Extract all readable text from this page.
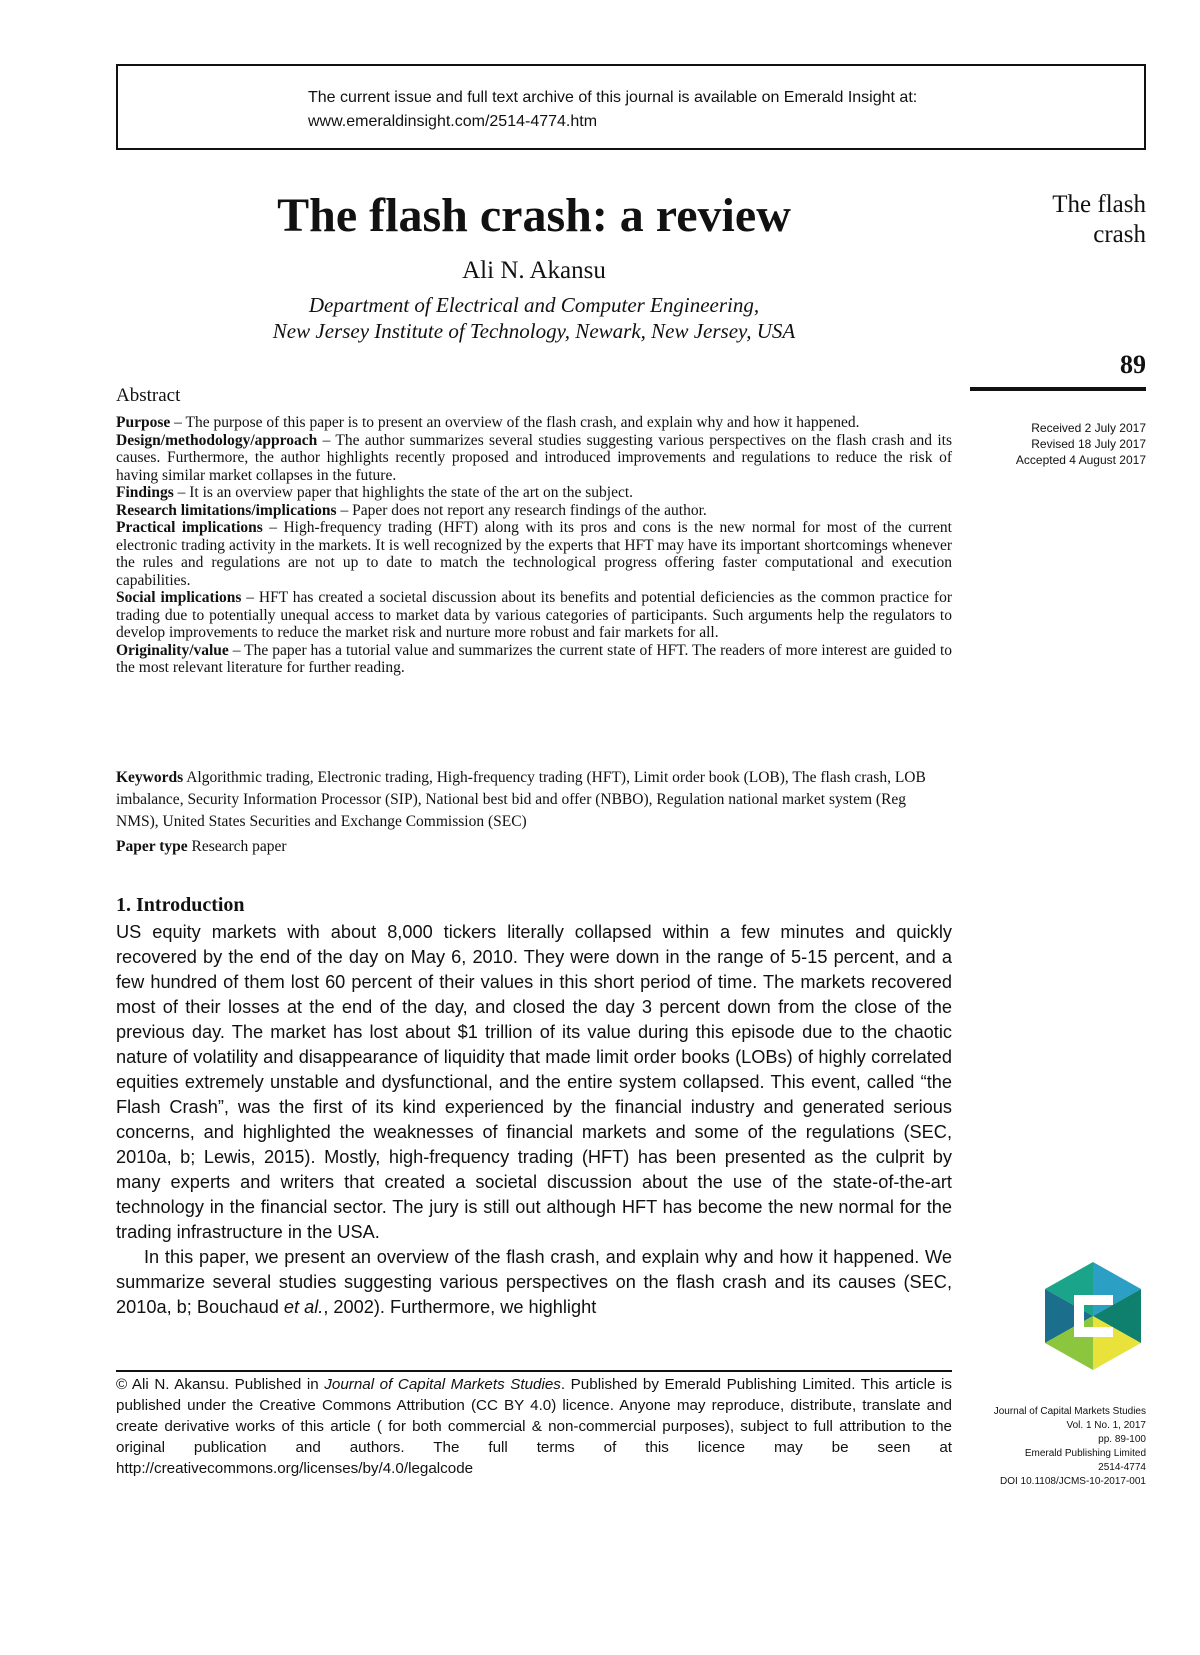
The current issue and full text archive of this journal is available on Emerald Insight at:
www.emeraldinsight.com/2514-4774.htm
The flash crash: a review
Ali N. Akansu
Department of Electrical and Computer Engineering,
New Jersey Institute of Technology, Newark, New Jersey, USA
The flash
crash
89
Received 2 July 2017
Revised 18 July 2017
Accepted 4 August 2017
Abstract

Purpose – The purpose of this paper is to present an overview of the flash crash, and explain why and how it happened.

Design/methodology/approach – The author summarizes several studies suggesting various perspectives on the flash crash and its causes. Furthermore, the author highlights recently proposed and introduced improvements and regulations to reduce the risk of having similar market collapses in the future.

Findings – It is an overview paper that highlights the state of the art on the subject.

Research limitations/implications – Paper does not report any research findings of the author.

Practical implications – High-frequency trading (HFT) along with its pros and cons is the new normal for most of the current electronic trading activity in the markets. It is well recognized by the experts that HFT may have its important shortcomings whenever the rules and regulations are not up to date to match the technological progress offering faster computational and execution capabilities.

Social implications – HFT has created a societal discussion about its benefits and potential deficiencies as the common practice for trading due to potentially unequal access to market data by various categories of participants. Such arguments help the regulators to develop improvements to reduce the market risk and nurture more robust and fair markets for all.

Originality/value – The paper has a tutorial value and summarizes the current state of HFT. The readers of more interest are guided to the most relevant literature for further reading.

Keywords Algorithmic trading, Electronic trading, High-frequency trading (HFT), Limit order book (LOB), The flash crash, LOB imbalance, Security Information Processor (SIP), National best bid and offer (NBBO), Regulation national market system (Reg NMS), United States Securities and Exchange Commission (SEC)
Paper type Research paper
1. Introduction

US equity markets with about 8,000 tickers literally collapsed within a few minutes and quickly recovered by the end of the day on May 6, 2010. They were down in the range of 5-15 percent, and a few hundred of them lost 60 percent of their values in this short period of time. The markets recovered most of their losses at the end of the day, and closed the day 3 percent down from the close of the previous day. The market has lost about $1 trillion of its value during this episode due to the chaotic nature of volatility and disappearance of liquidity that made limit order books (LOBs) of highly correlated equities extremely unstable and dysfunctional, and the entire system collapsed. This event, called “the Flash Crash”, was the first of its kind experienced by the financial industry and generated serious concerns, and highlighted the weaknesses of financial markets and some of the regulations (SEC, 2010a, b; Lewis, 2015). Mostly, high-frequency trading (HFT) has been presented as the culprit by many experts and writers that created a societal discussion about the use of the state-of-the-art technology in the financial sector. The jury is still out although HFT has become the new normal for the trading infrastructure in the USA.

In this paper, we present an overview of the flash crash, and explain why and how it happened. We summarize several studies suggesting various perspectives on the flash crash and its causes (SEC, 2010a, b; Bouchaud et al., 2002). Furthermore, we highlight

© Ali N. Akansu. Published in Journal of Capital Markets Studies. Published by Emerald Publishing Limited. This article is published under the Creative Commons Attribution (CC BY 4.0) licence. Anyone may reproduce, distribute, translate and create derivative works of this article ( for both commercial & non-commercial purposes), subject to full attribution to the original publication and authors. The full terms of this licence may be seen at http://creativecommons.org/licenses/by/4.0/legalcode
Journal of Capital Markets Studies
Vol. 1 No. 1, 2017
pp. 89-100
Emerald Publishing Limited
2514-4774
DOI 10.1108/JCMS-10-2017-001
